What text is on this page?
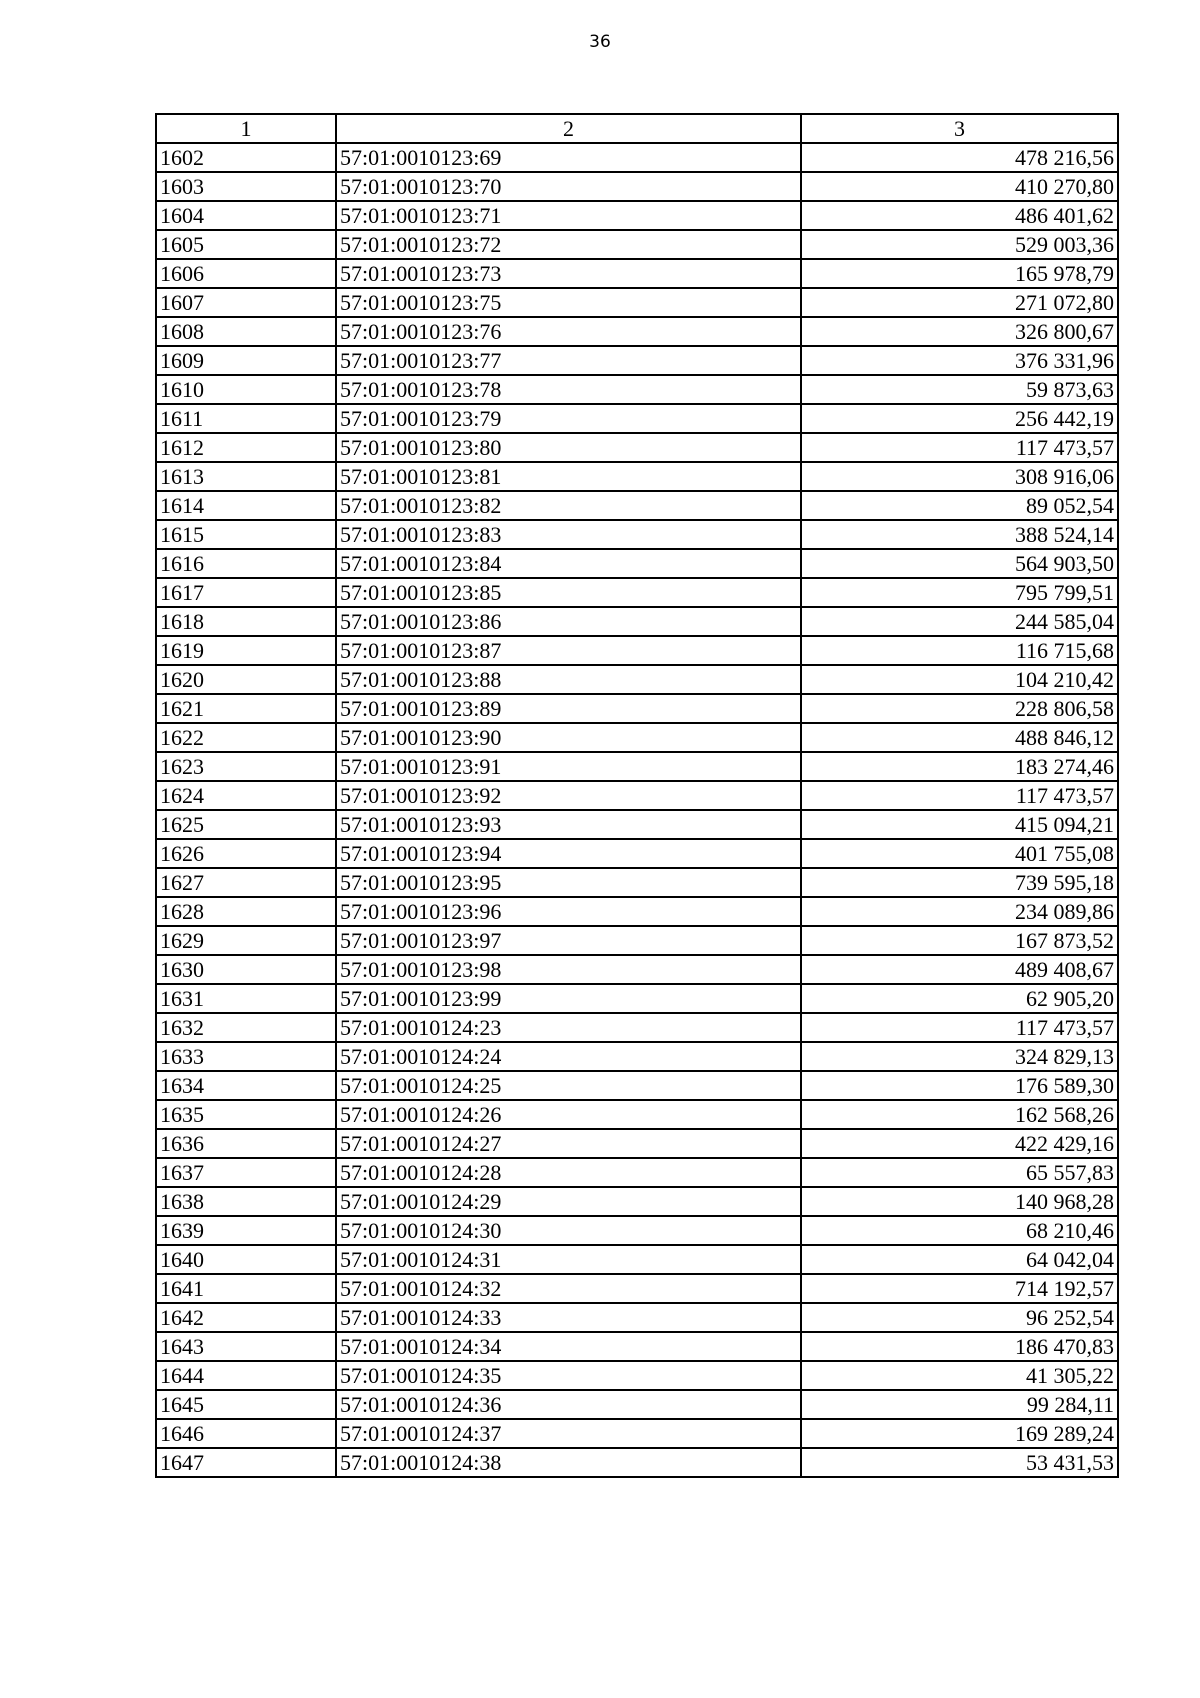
36
1	2	3
1602	57:01:0010123:69	478 216,56
1603	57:01:0010123:70	410 270,80
1604	57:01:0010123:71	486 401,62
1605	57:01:0010123:72	529 003,36
1606	57:01:0010123:73	165 978,79
1607	57:01:0010123:75	271 072,80
1608	57:01:0010123:76	326 800,67
1609	57:01:0010123:77	376 331,96
1610	57:01:0010123:78	59 873,63
1611	57:01:0010123:79	256 442,19
1612	57:01:0010123:80	117 473,57
1613	57:01:0010123:81	308 916,06
1614	57:01:0010123:82	89 052,54
1615	57:01:0010123:83	388 524,14
1616	57:01:0010123:84	564 903,50
1617	57:01:0010123:85	795 799,51
1618	57:01:0010123:86	244 585,04
1619	57:01:0010123:87	116 715,68
1620	57:01:0010123:88	104 210,42
1621	57:01:0010123:89	228 806,58
1622	57:01:0010123:90	488 846,12
1623	57:01:0010123:91	183 274,46
1624	57:01:0010123:92	117 473,57
1625	57:01:0010123:93	415 094,21
1626	57:01:0010123:94	401 755,08
1627	57:01:0010123:95	739 595,18
1628	57:01:0010123:96	234 089,86
1629	57:01:0010123:97	167 873,52
1630	57:01:0010123:98	489 408,67
1631	57:01:0010123:99	62 905,20
1632	57:01:0010124:23	117 473,57
1633	57:01:0010124:24	324 829,13
1634	57:01:0010124:25	176 589,30
1635	57:01:0010124:26	162 568,26
1636	57:01:0010124:27	422 429,16
1637	57:01:0010124:28	65 557,83
1638	57:01:0010124:29	140 968,28
1639	57:01:0010124:30	68 210,46
1640	57:01:0010124:31	64 042,04
1641	57:01:0010124:32	714 192,57
1642	57:01:0010124:33	96 252,54
1643	57:01:0010124:34	186 470,83
1644	57:01:0010124:35	41 305,22
1645	57:01:0010124:36	99 284,11
1646	57:01:0010124:37	169 289,24
1647	57:01:0010124:38	53 431,53
